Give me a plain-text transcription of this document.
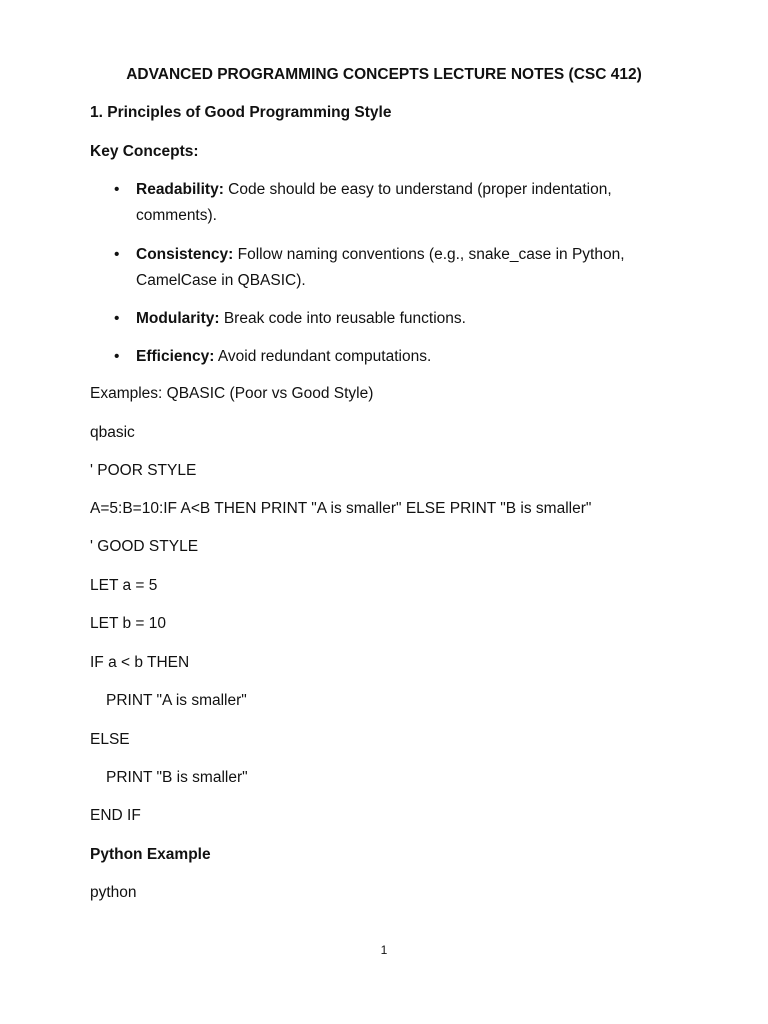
ADVANCED PROGRAMMING CONCEPTS LECTURE NOTES (CSC 412)
1. Principles of Good Programming Style
Key Concepts:
• Readability: Code should be easy to understand (proper indentation, comments).
• Consistency: Follow naming conventions (e.g., snake_case in Python, CamelCase in QBASIC).
• Modularity: Break code into reusable functions.
• Efficiency: Avoid redundant computations.
Examples: QBASIC (Poor vs Good Style)
qbasic
' POOR STYLE
A=5:B=10:IF A<B THEN PRINT "A is smaller" ELSE PRINT "B is smaller"
' GOOD STYLE
LET a = 5
LET b = 10
IF a < b THEN
PRINT "A is smaller"
ELSE
PRINT "B is smaller"
END IF
Python Example
python
1
